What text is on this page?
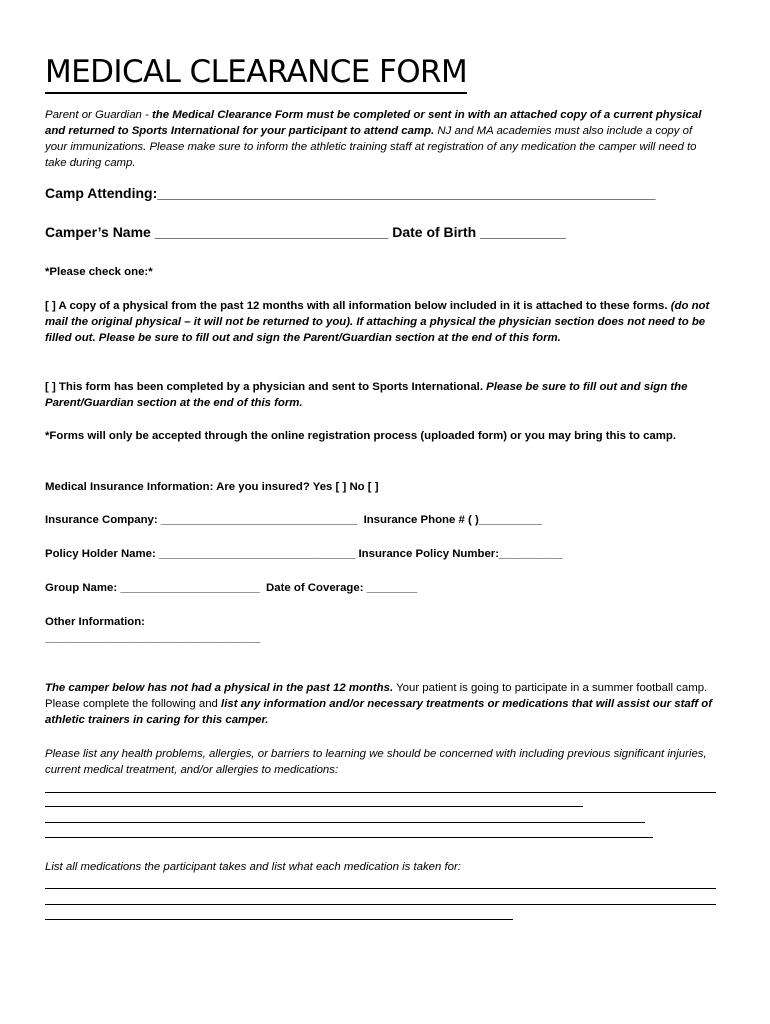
MEDICAL CLEARANCE FORM
Parent or Guardian - the Medical Clearance Form must be completed or sent in with an attached copy of a current physical and returned to Sports International for your participant to attend camp. NJ and MA academies must also include a copy of your immunizations. Please make sure to inform the athletic training staff at registration of any medication the camper will need to take during camp.
Camp Attending:________________________________________________________________
Camper’s Name ______________________________ Date of Birth ___________
*Please check one:*
[ ] A copy of a physical from the past 12 months with all information below included in it is attached to these forms. (do not mail the original physical – it will not be returned to you). If attaching a physical the physician section does not need to be filled out. Please be sure to fill out and sign the Parent/Guardian section at the end of this form.
[ ] This form has been completed by a physician and sent to Sports International. Please be sure to fill out and sign the Parent/Guardian section at the end of this form.
*Forms will only be accepted through the online registration process (uploaded form) or you may bring this to camp.
Medical Insurance Information: Are you insured? Yes [ ] No [ ]
Insurance Company: _______________________________ Insurance Phone # ( )__________
Policy Holder Name: _______________________________ Insurance Policy Number:__________
Group Name: ______________________ Date of Coverage: ________
Other Information:
__________________________________
The camper below has not had a physical in the past 12 months. Your patient is going to participate in a summer football camp. Please complete the following and list any information and/or necessary treatments or medications that will assist our staff of athletic trainers in caring for this camper.
Please list any health problems, allergies, or barriers to learning we should be concerned with including previous significant injuries, current medical treatment, and/or allergies to medications:
List all medications the participant takes and list what each medication is taken for:
